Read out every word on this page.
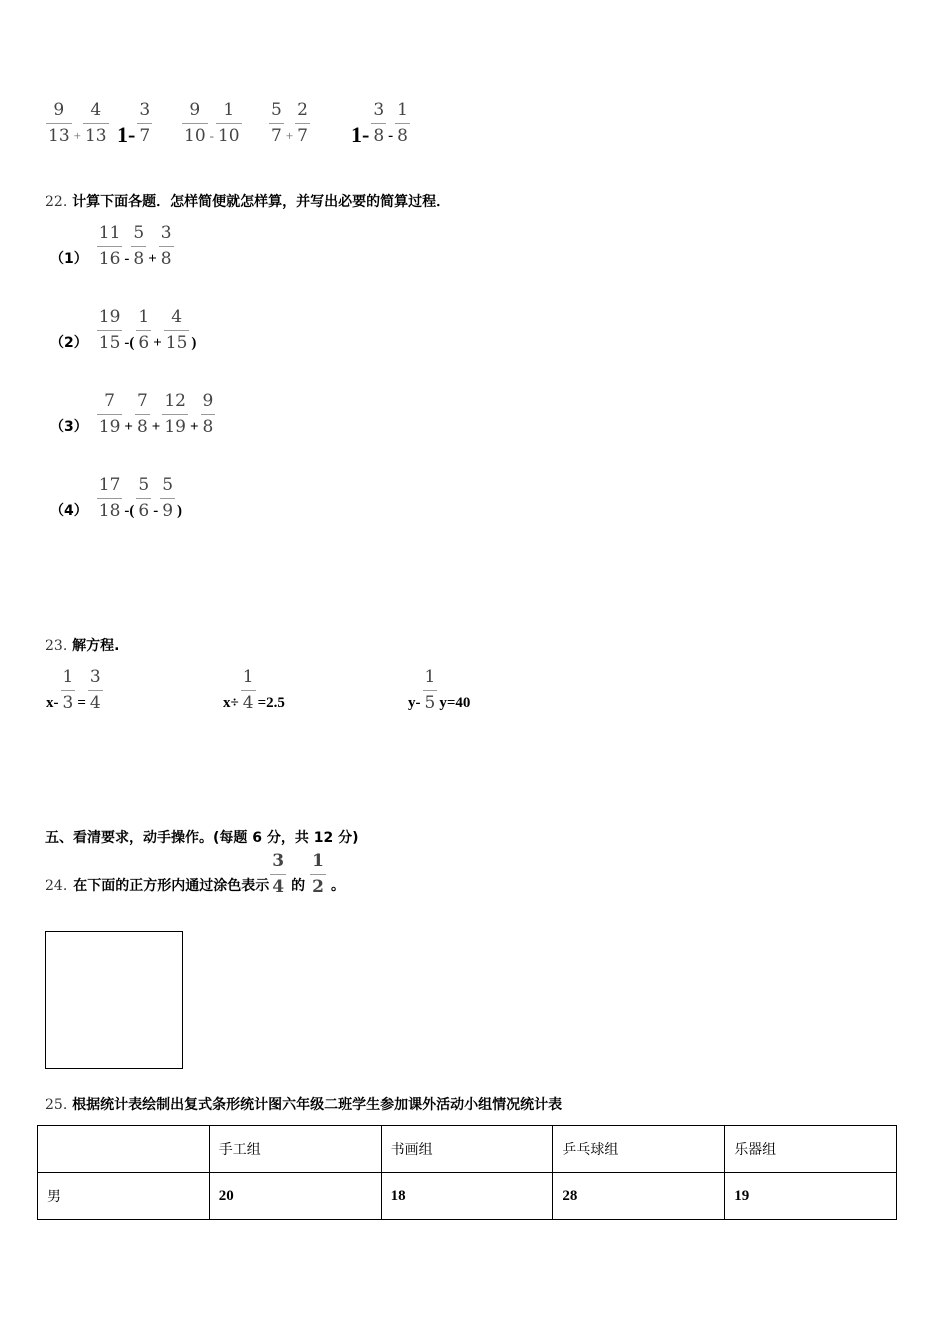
22. 计算下面各题．怎样简便就怎样算，并写出必要的简算过程．
23. 解方程.
五、看清要求，动手操作。(每题 6 分，共 12 分)
24. 在下面的正方形内通过涂色表示 $\frac{3}{4}$ 的 $\frac{1}{2}$ 。
25. 根据统计表绘制出复式条形统计图六年级二班学生参加课外活动小组情况统计表
	手工组	书画组	乒乓球组	乐器组
男	20	18	28	19
$\frac{9}{13} + \frac{4}{13} 1- \frac{3}{7} \frac{9}{10} - \frac{1}{10} \frac{5}{7} + \frac{2}{7} 1- \frac{3}{8} - \frac{1}{8}$
$(1) \frac{11}{16} - \frac{5}{8} + \frac{3}{8}$
$(2) \frac{19}{15}$ -( $\frac{1}{6} + \frac{4}{15}$ )
$(3) \frac{7}{19} + \frac{7}{8} + \frac{12}{19} + \frac{9}{8}$
$(4) \frac{17}{18}$ -( $\frac{5}{6} - \frac{5}{9}$ )
$x- \frac{1}{3} = \frac{3}{4}$	$x\div \frac{1}{4} =2.5$	$y- \frac{1}{5} y=40$
